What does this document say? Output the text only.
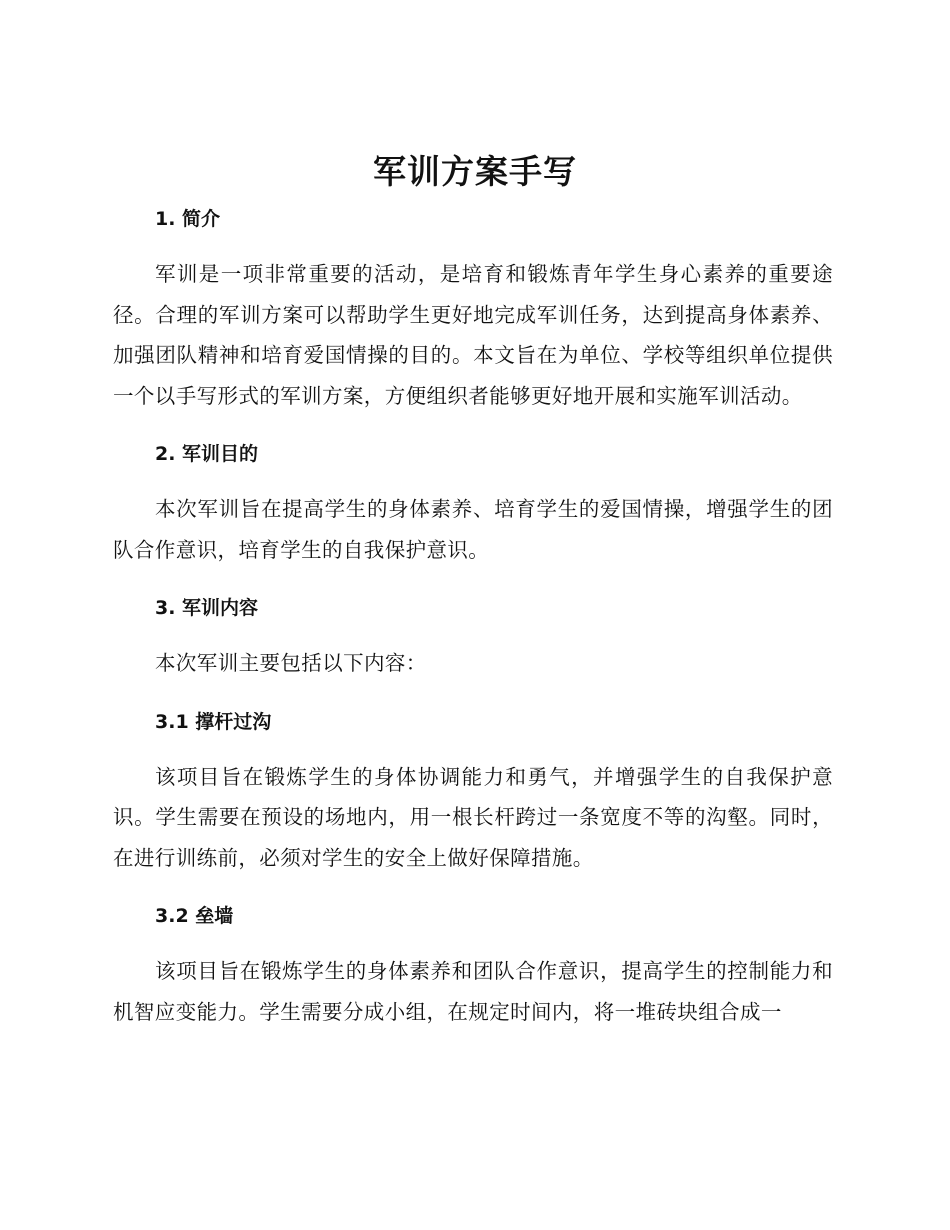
军训方案手写

1. 简介

军训是一项非常重要的活动，是培育和锻炼青年学生身心素养的重要途径。合理的军训方案可以帮助学生更好地完成军训任务，达到提高身体素养、加强团队精神和培育爱国情操的目的。本文旨在为单位、学校等组织单位提供一个以手写形式的军训方案，方便组织者能够更好地开展和实施军训活动。

2. 军训目的

本次军训旨在提高学生的身体素养、培育学生的爱国情操，增强学生的团队合作意识，培育学生的自我保护意识。

3. 军训内容

本次军训主要包括以下内容：

3.1 撑杆过沟

该项目旨在锻炼学生的身体协调能力和勇气，并增强学生的自我保护意识。学生需要在预设的场地内，用一根长杆跨过一条宽度不等的沟壑。同时，在进行训练前，必须对学生的安全上做好保障措施。

3.2 垒墙

该项目旨在锻炼学生的身体素养和团队合作意识，提高学生的控制能力和机智应变能力。学生需要分成小组，在规定时间内，将一堆砖块组合成一
